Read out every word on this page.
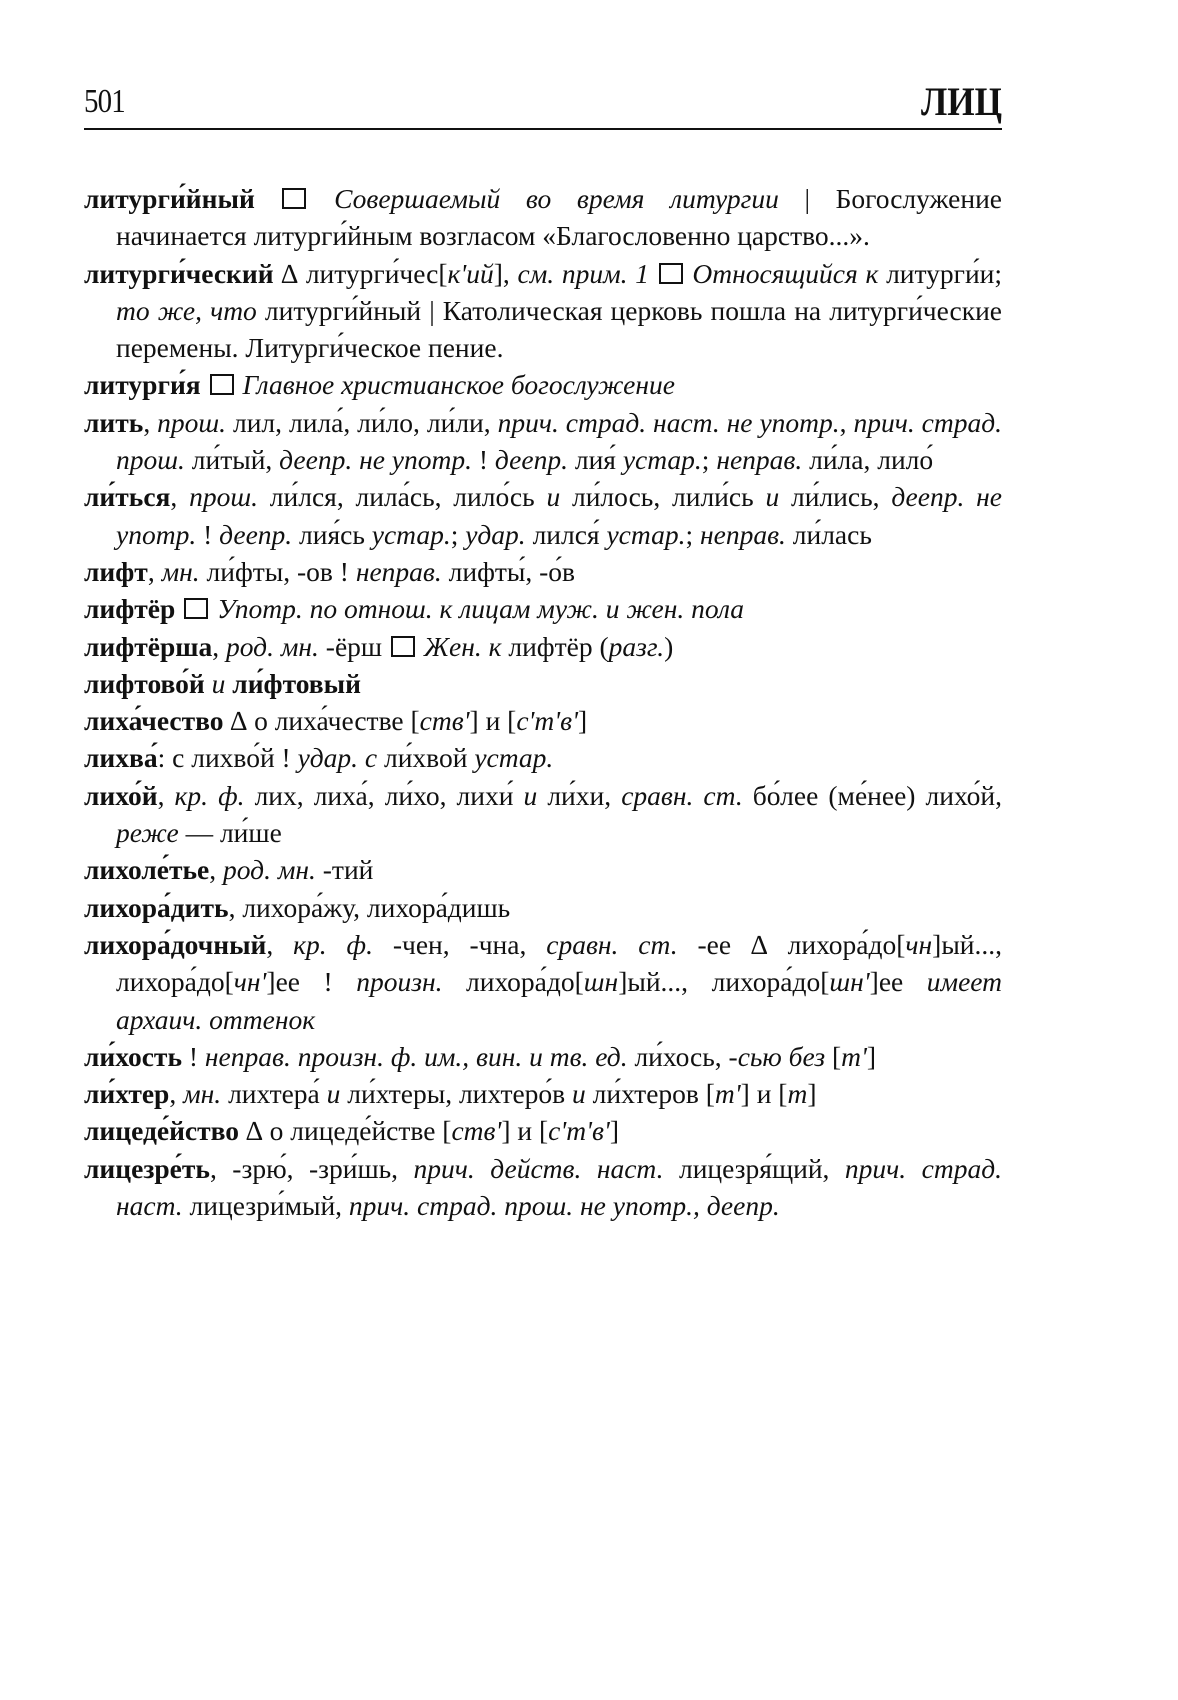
501	ЛИЦ

литурги́йный  Совершаемый во время литургии | Богослужение начинается литурги́йным возгласом «Благословенно царство...».

литурги́ческий ∆ литурги́чес[к'ий], см. прим. 1  Относящийся к литурги́и; то же, что литурги́йный | Католическая церковь пошла на литурги́ческие перемены. Литурги́ческое пение.

литурги́я  Главное христианское богослужение

лить, прош. лил, лила́, ли́ло, ли́ли, прич. страд. наст. не употр., прич. страд. прош. ли́тый, деепр. не употр. ! деепр. лия́ устар.; неправ. ли́ла, лило́

ли́ться, прош. ли́лся, лила́сь, лило́сь и ли́лось, лили́сь и ли́лись, деепр. не употр. ! деепр. лия́сь устар.; удар. лился́ устар.; неправ. ли́лась

лифт, мн. ли́фты, -ов ! неправ. лифты́, -о́в

лифтёр  Употр. по отнош. к лицам муж. и жен. пола

лифтёрша, род. мн. -ёрш  Жен. к лифтёр (разг.)

лифтово́й и ли́фтовый

лиха́чество ∆ о лиха́честве [ств'] и [с'т'в']

лихва́: с лихво́й ! удар. с ли́хвой устар.

лихо́й, кр. ф. лих, лиха́, ли́хо, лихи́ и ли́хи, сравн. ст. бо́лее (ме́нее) лихо́й, реже — ли́ше

лихоле́тье, род. мн. -тий

лихора́дить, лихора́жу, лихора́дишь

лихора́дочный, кр. ф. -чен, -чна, сравн. ст. -ее ∆ лихора́до[чн]ый..., лихора́до[чн']ее ! произн. лихора́до[шн]ый..., лихора́до[шн']ее имеет архаич. оттенок

ли́хость ! неправ. произн. ф. им., вин. и тв. ед. ли́хось, -сью без [т']

ли́хтер, мн. лихтера́ и ли́хтеры, лихтеро́в и ли́хтеров [т'] и [т]

лицеде́йство ∆ о лицеде́йстве [ств'] и [с'т'в']

лицезре́ть, -зрю́, -зри́шь, прич. действ. наст. лицезря́щий, прич. страд. наст. лицезри́мый, прич. страд. прош. не употр., деепр.
